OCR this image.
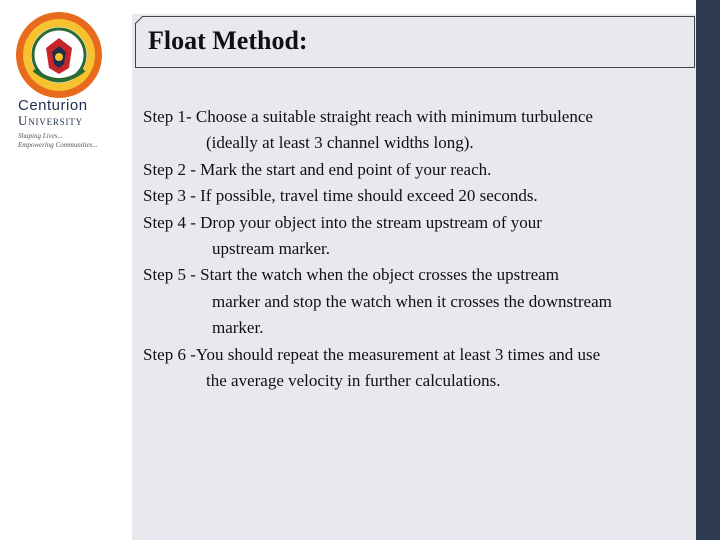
Centurion
University
Shaping Lives...
Empowering Communities...
Float Method:
Step 1- Choose a suitable straight reach with minimum turbulence
(ideally at least 3 channel widths long).
Step 2 - Mark the start and end point of your reach.
Step 3 - If possible, travel time should exceed 20 seconds.
Step 4 - Drop your object into the stream upstream of your
upstream marker.
Step 5 - Start the watch when the object crosses the upstream
marker and stop the watch when it crosses the downstream
marker.
Step 6 -You should repeat the measurement at least 3 times and use
the average velocity in further calculations.
